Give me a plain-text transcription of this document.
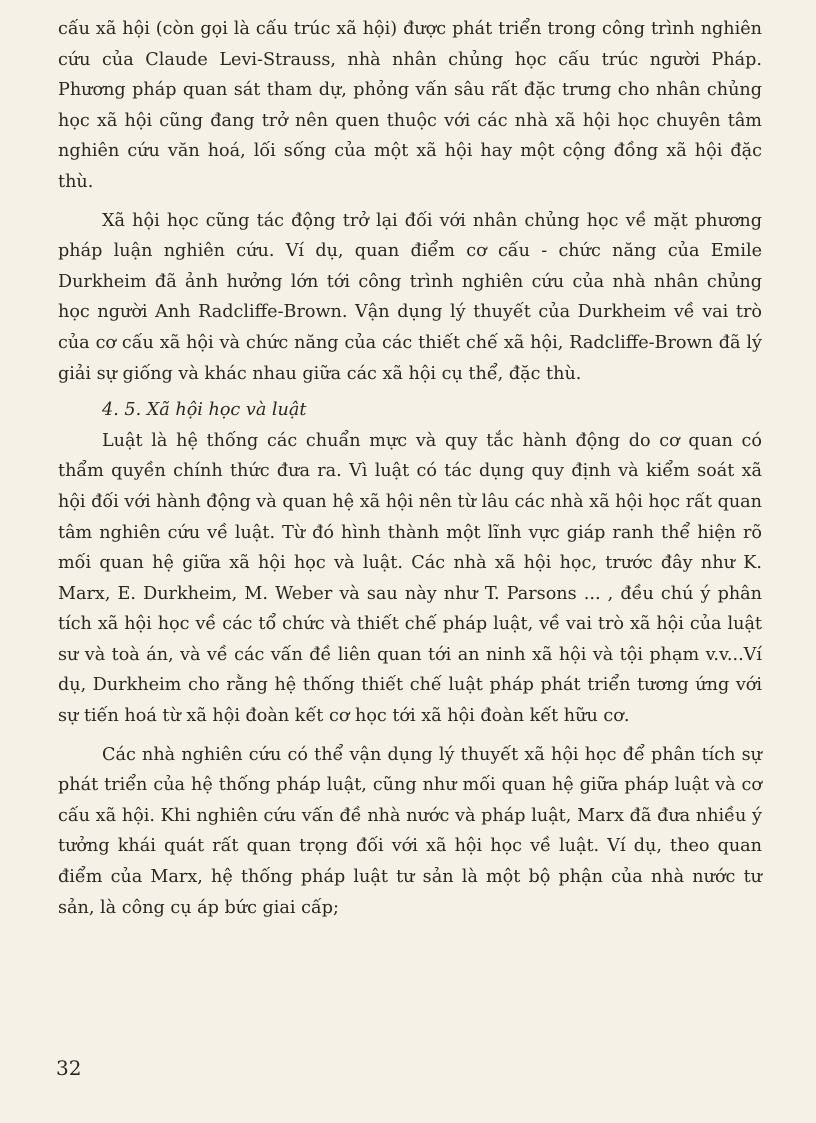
cấu xã hội (còn gọi là cấu trúc xã hội) được phát triển trong công trình nghiên cứu của Claude Levi-Strauss, nhà nhân chủng học cấu trúc người Pháp. Phương pháp quan sát tham dự, phỏng vấn sâu rất đặc trưng cho nhân chủng học xã hội cũng đang trở nên quen thuộc với các nhà xã hội học chuyên tâm nghiên cứu văn hoá, lối sống của một xã hội hay một cộng đồng xã hội đặc thù.

Xã hội học cũng tác động trở lại đối với nhân chủng học về mặt phương pháp luận nghiên cứu. Ví dụ, quan điểm cơ cấu - chức năng của Emile Durkheim đã ảnh hưởng lớn tới công trình nghiên cứu của nhà nhân chủng học người Anh Radcliffe-Brown. Vận dụng lý thuyết của Durkheim về vai trò của cơ cấu xã hội và chức năng của các thiết chế xã hội, Radcliffe-Brown đã lý giải sự giống và khác nhau giữa các xã hội cụ thể, đặc thù.

4. 5. Xã hội học và luật

Luật là hệ thống các chuẩn mực và quy tắc hành động do cơ quan có thẩm quyền chính thức đưa ra. Vì luật có tác dụng quy định và kiểm soát xã hội đối với hành động và quan hệ xã hội nên từ lâu các nhà xã hội học rất quan tâm nghiên cứu về luật. Từ đó hình thành một lĩnh vực giáp ranh thể hiện rõ mối quan hệ giữa xã hội học và luật. Các nhà xã hội học, trước đây như K. Marx, E. Durkheim, M. Weber và sau này như T. Parsons ... , đều chú ý phân tích xã hội học về các tổ chức và thiết chế pháp luật, về vai trò xã hội của luật sư và toà án, và về các vấn đề liên quan tới an ninh xã hội và tội phạm v.v...Ví dụ, Durkheim cho rằng hệ thống thiết chế luật pháp phát triển tương ứng với sự tiến hoá từ xã hội đoàn kết cơ học tới xã hội đoàn kết hữu cơ.

Các nhà nghiên cứu có thể vận dụng lý thuyết xã hội học để phân tích sự phát triển của hệ thống pháp luật, cũng như mối quan hệ giữa pháp luật và cơ cấu xã hội. Khi nghiên cứu vấn đề nhà nước và pháp luật, Marx đã đưa nhiều ý tưởng khái quát rất quan trọng đối với xã hội học về luật. Ví dụ, theo quan điểm của Marx, hệ thống pháp luật tư sản là một bộ phận của nhà nước tư sản, là công cụ áp bức giai cấp;

32
